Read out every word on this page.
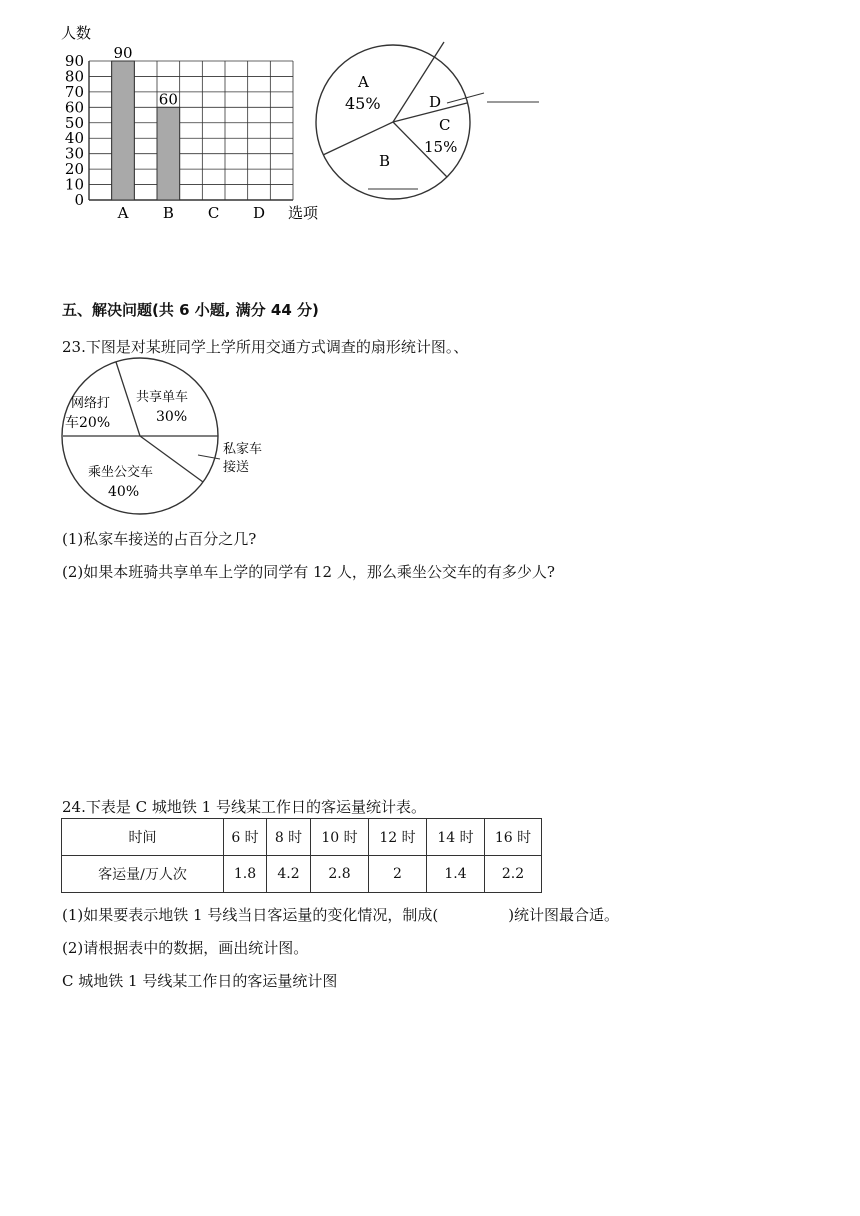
人数
0
10
20
30
40
50
60
70
80
90 90
60
A B C D 选项
A
45%
B
C
15%
D
五、解决问题(共 6 小题, 满分 44 分)
23.下图是对某班同学上学所用交通方式调查的扇形统计图。、
网络打
车20%
共享单车
30%
乘坐公交车
40%
私家车
接送
(1)私家车接送的占百分之几?
(2)如果本班骑共享单车上学的同学有 12 人，那么乘坐公交车的有多少人?
24.下表是 C 城地铁 1 号线某工作日的客运量统计表。
时间	6 时	8 时	10 时	12 时	14 时	16 时
客运量/万人次	1.8	4.2	2.8	2	1.4	2.2
(1)如果要表示地铁 1 号线当日客运量的变化情况，制成(	)统计图最合适。
(2)请根据表中的数据，画出统计图。
C 城地铁 1 号线某工作日的客运量统计图
